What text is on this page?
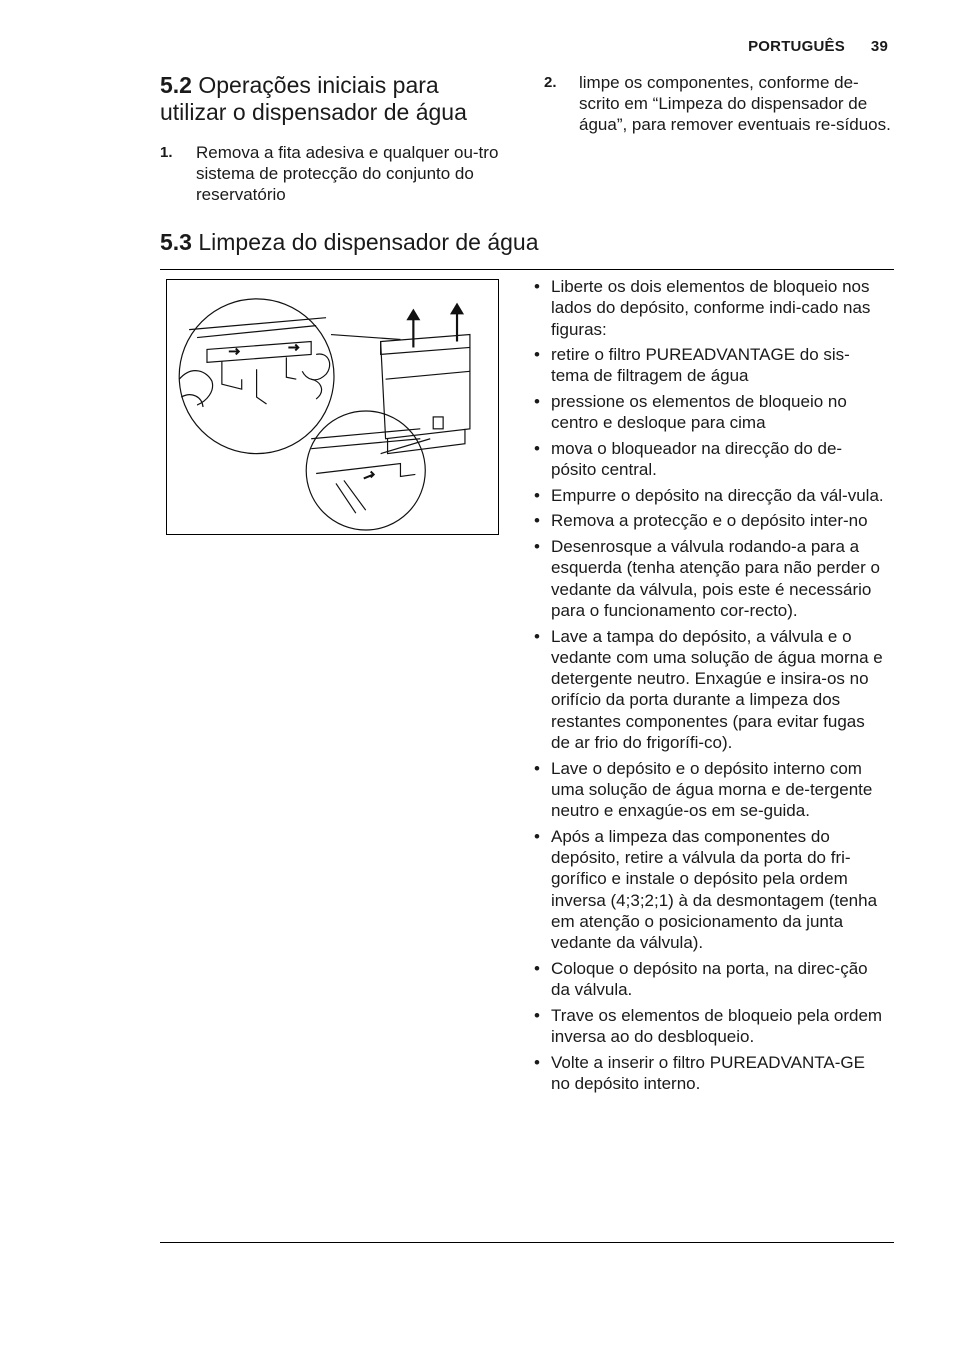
PORTUGUÊS 39
5.2 Operações iniciais para utilizar o dispensador de água
1. Remova a fita adesiva e qualquer ou-tro sistema de protecção do conjunto do reservatório
2. limpe os componentes, conforme de-scrito em “Limpeza do dispensador de água”, para remover eventuais re-síduos.
5.3 Limpeza do dispensador de água
• Liberte os dois elementos de bloqueio nos lados do depósito, conforme indi-cado nas figuras:
• retire o filtro PUREADVANTAGE do sis-tema de filtragem de água
• pressione os elementos de bloqueio no centro e desloque para cima
• mova o bloqueador na direcção do de-pósito central.
• Empurre o depósito na direcção da vál-vula.
• Remova a protecção e o depósito inter-no
• Desenrosque a válvula rodando-a para a esquerda (tenha atenção para não perder o vedante da válvula, pois este é necessário para o funcionamento cor-recto).
• Lave a tampa do depósito, a válvula e o vedante com uma solução de água morna e detergente neutro. Enxagúe e insira-os no orifício da porta durante a limpeza dos restantes componentes (para evitar fugas de ar frio do frigorífi-co).
• Lave o depósito e o depósito interno com uma solução de água morna e de-tergente neutro e enxagúe-os em se-guida.
• Após a limpeza das componentes do depósito, retire a válvula da porta do fri-gorífico e instale o depósito pela ordem inversa (4;3;2;1) à da desmontagem (tenha em atenção o posicionamento da junta vedante da válvula).
• Coloque o depósito na porta, na direc-ção da válvula.
• Trave os elementos de bloqueio pela ordem inversa ao do desbloqueio.
• Volte a inserir o filtro PUREADVANTA-GE no depósito interno.
